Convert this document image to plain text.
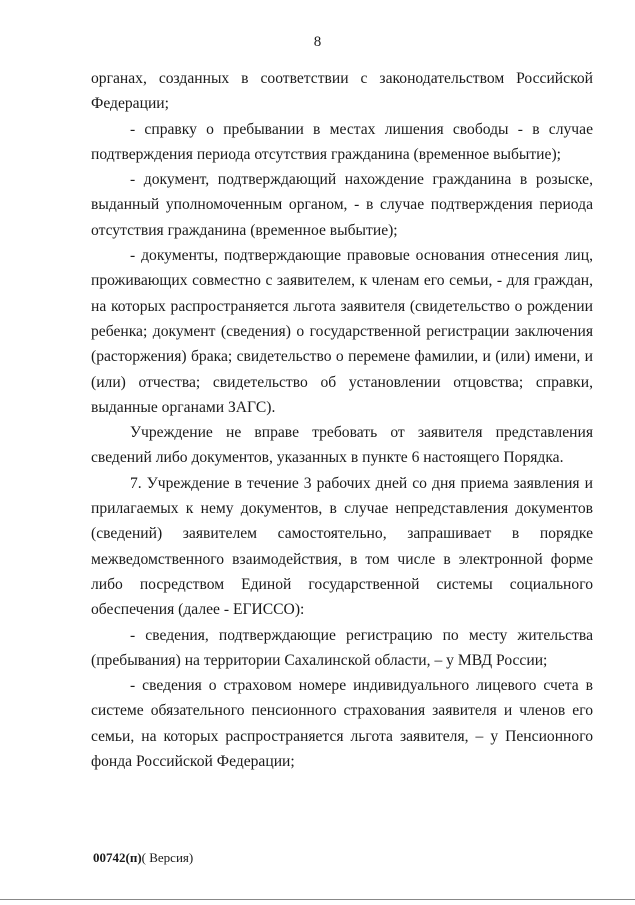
8

органах, созданных в соответствии с законодательством Российской Федерации;

- справку о пребывании в местах лишения свободы - в случае подтверждения периода отсутствия гражданина (временное выбытие);

- документ, подтверждающий нахождение гражданина в розыске, выданный уполномоченным органом, - в случае подтверждения периода отсутствия гражданина (временное выбытие);

- документы, подтверждающие правовые основания отнесения лиц, проживающих совместно с заявителем, к членам его семьи, - для граждан, на которых распространяется льгота заявителя (свидетельство о рождении ребенка; документ (сведения) о государственной регистрации заключения (расторжения) брака; свидетельство о перемене фамилии, и (или) имени, и (или) отчества; свидетельство об установлении отцовства; справки, выданные органами ЗАГС).

Учреждение не вправе требовать от заявителя представления сведений либо документов, указанных в пункте 6 настоящего Порядка.

7. Учреждение в течение 3 рабочих дней со дня приема заявления и прилагаемых к нему документов, в случае непредставления документов (сведений) заявителем самостоятельно, запрашивает в порядке межведомственного взаимодействия, в том числе в электронной форме либо посредством Единой государственной системы социального обеспечения (далее - ЕГИССО):

- сведения, подтверждающие регистрацию по месту жительства (пребывания) на территории Сахалинской области, – у МВД России;

- сведения о страховом номере индивидуального лицевого счета в системе обязательного пенсионного страхования заявителя и членов его семьи, на которых распространяется льгота заявителя, – у Пенсионного фонда Российской Федерации;

00742(п)( Версия)
